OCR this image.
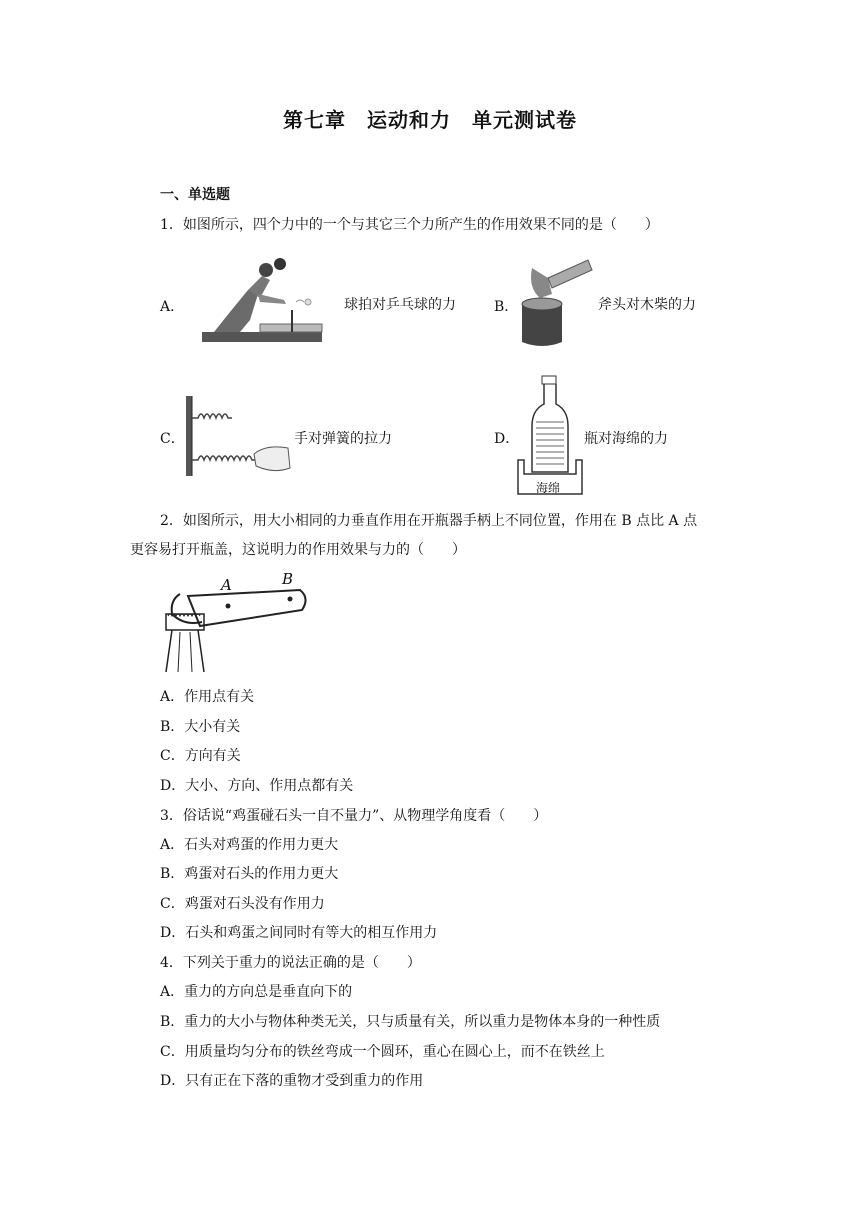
第七章　运动和力　单元测试卷
一、单选题
1．如图所示，四个力中的一个与其它三个力所产生的作用效果不同的是（　　）
A．	球拍对乒乓球的力	B．	斧头对木柴的力
C．	手对弹簧的拉力	D．
海绵
瓶对海绵的力
2．如图所示，用大小相同的力垂直作用在开瓶器手柄上不同位置，作用在 B 点比 A 点
更容易打开瓶盖，这说明力的作用效果与力的（　　）
A	B
A．作用点有关
B．大小有关
C．方向有关
D．大小、方向、作用点都有关
3．俗话说“鸡蛋碰石头一自不量力”、从物理学角度看（　　）
A．石头对鸡蛋的作用力更大
B．鸡蛋对石头的作用力更大
C．鸡蛋对石头没有作用力
D．石头和鸡蛋之间同时有等大的相互作用力
4．下列关于重力的说法正确的是（　　）
A．重力的方向总是垂直向下的
B．重力的大小与物体种类无关，只与质量有关，所以重力是物体本身的一种性质
C．用质量均匀分布的铁丝弯成一个圆环，重心在圆心上，而不在铁丝上
D．只有正在下落的重物才受到重力的作用
